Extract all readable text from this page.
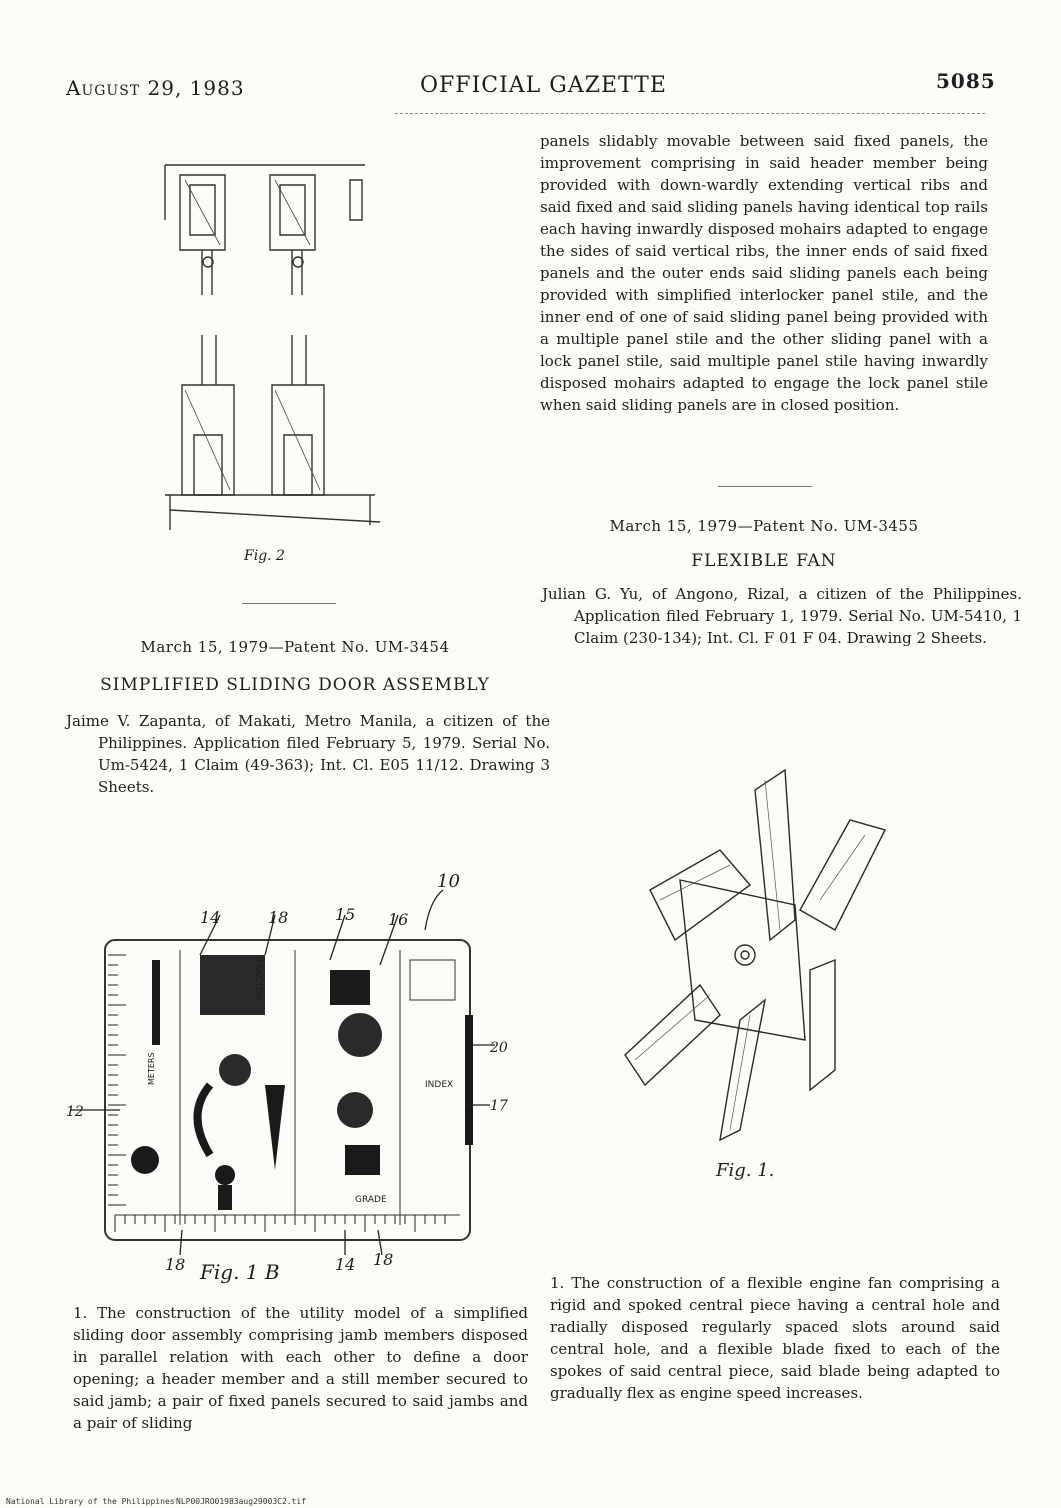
August 29, 1983	OFFICIAL GAZETTE	5085
Fig. 2
March 15, 1979—Patent No. UM-3454
SIMPLIFIED SLIDING DOOR ASSEMBLY
Jaime V. Zapanta, of Makati, Metro Manila, a citizen of the Philippines. Application filed February 5, 1979. Serial No. Um-5424, 1 Claim (49-363); Int. Cl. E05 11/12. Drawing 3 Sheets.
10
14	18	15 16
20
12	17
18	14 18
TRACTOR
METERS
GRADE
INDEX
Fig. 1 B
1. The construction of the utility model of a simplified sliding door assembly comprising jamb members disposed in parallel relation with each other to define a door opening; a header member and a still member secured to said jamb; a pair of fixed panels secured to said jambs and a pair of sliding
panels slidably movable between said fixed panels, the improvement comprising in said header member being provided with down-wardly extending vertical ribs and said fixed and said sliding panels having identical top rails each having inwardly disposed mohairs adapted to engage the sides of said vertical ribs, the inner ends of said fixed panels and the outer ends said sliding panels each being provided with simplified interlocker panel stile, and the inner end of one of said sliding panel being provided with a multiple panel stile and the other sliding panel with a lock panel stile, said multiple panel stile having inwardly disposed mohairs adapted to engage the lock panel stile when said sliding panels are in closed position.
March 15, 1979—Patent No. UM-3455
FLEXIBLE FAN
Julian G. Yu, of Angono, Rizal, a citizen of the Philippines. Application filed February 1, 1979. Serial No. UM-5410, 1 Claim (230-134); Int. Cl. F 01 F 04. Drawing 2 Sheets.
Fig. 1.
1. The construction of a flexible engine fan comprising a rigid and spoked central piece having a central hole and radially disposed regularly spaced slots around said central hole, and a flexible blade fixed to each of the spokes of said central piece, said blade being adapted to gradually flex as engine speed increases.
National Library of the Philippines NLP00JRO01983aug29003C2.tif
